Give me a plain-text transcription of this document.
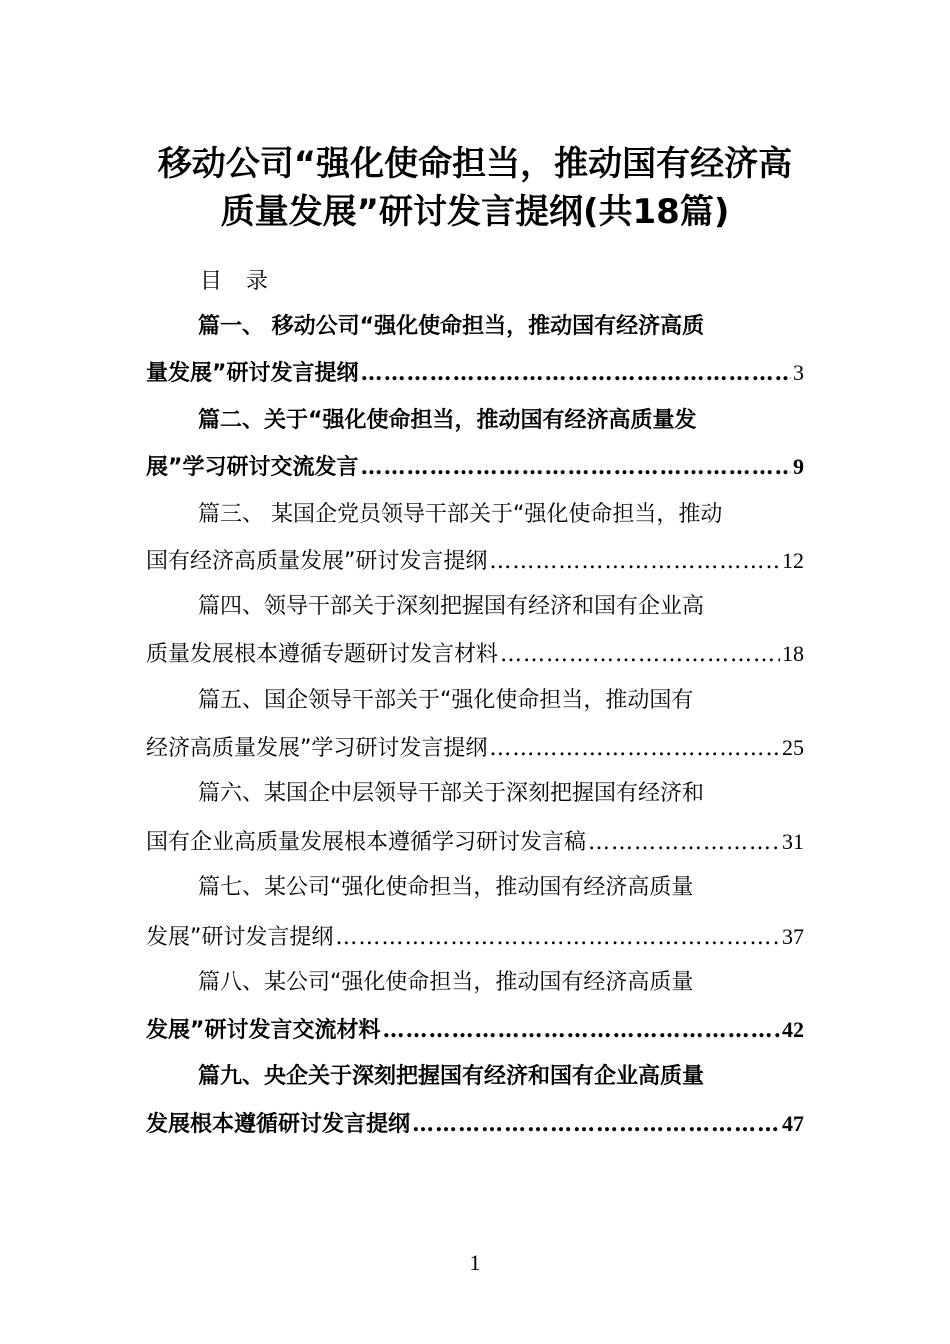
移动公司“强化使命担当，推动国有经济高
质量发展”研讨发言提纲(共18篇)
目录
篇一、 移动公司“强化使命担当，推动国有经济高质
量发展”研讨发言提纲 ………………………………………………………………………………………………	3
篇二、关于“强化使命担当，推动国有经济高质量发
展”学习研讨交流发言 ………………………………………………………………………………………………	9
篇三、 某国企党员领导干部关于“强化使命担当，推动
国有经济高质量发展”研讨发言提纲 ………………………………………………………………………………………………	12
篇四、领导干部关于深刻把握国有经济和国有企业高
质量发展根本遵循专题研讨发言材料 ………………………………………………………………………………………………	18
篇五、国企领导干部关于“强化使命担当，推动国有
经济高质量发展”学习研讨发言提纲 ………………………………………………………………………………………………	25
篇六、某国企中层领导干部关于深刻把握国有经济和
国有企业高质量发展根本遵循学习研讨发言稿 ………………………………………………………………………………………………	31
篇七、某公司“强化使命担当，推动国有经济高质量
发展”研讨发言提纲 ………………………………………………………………………………………………	37
篇八、某公司“强化使命担当，推动国有经济高质量
发展”研讨发言交流材料 ………………………………………………………………………………………………	42
篇九、央企关于深刻把握国有经济和国有企业高质量
发展根本遵循研讨发言提纲 ………………………………………………………………………………………………	47
1
